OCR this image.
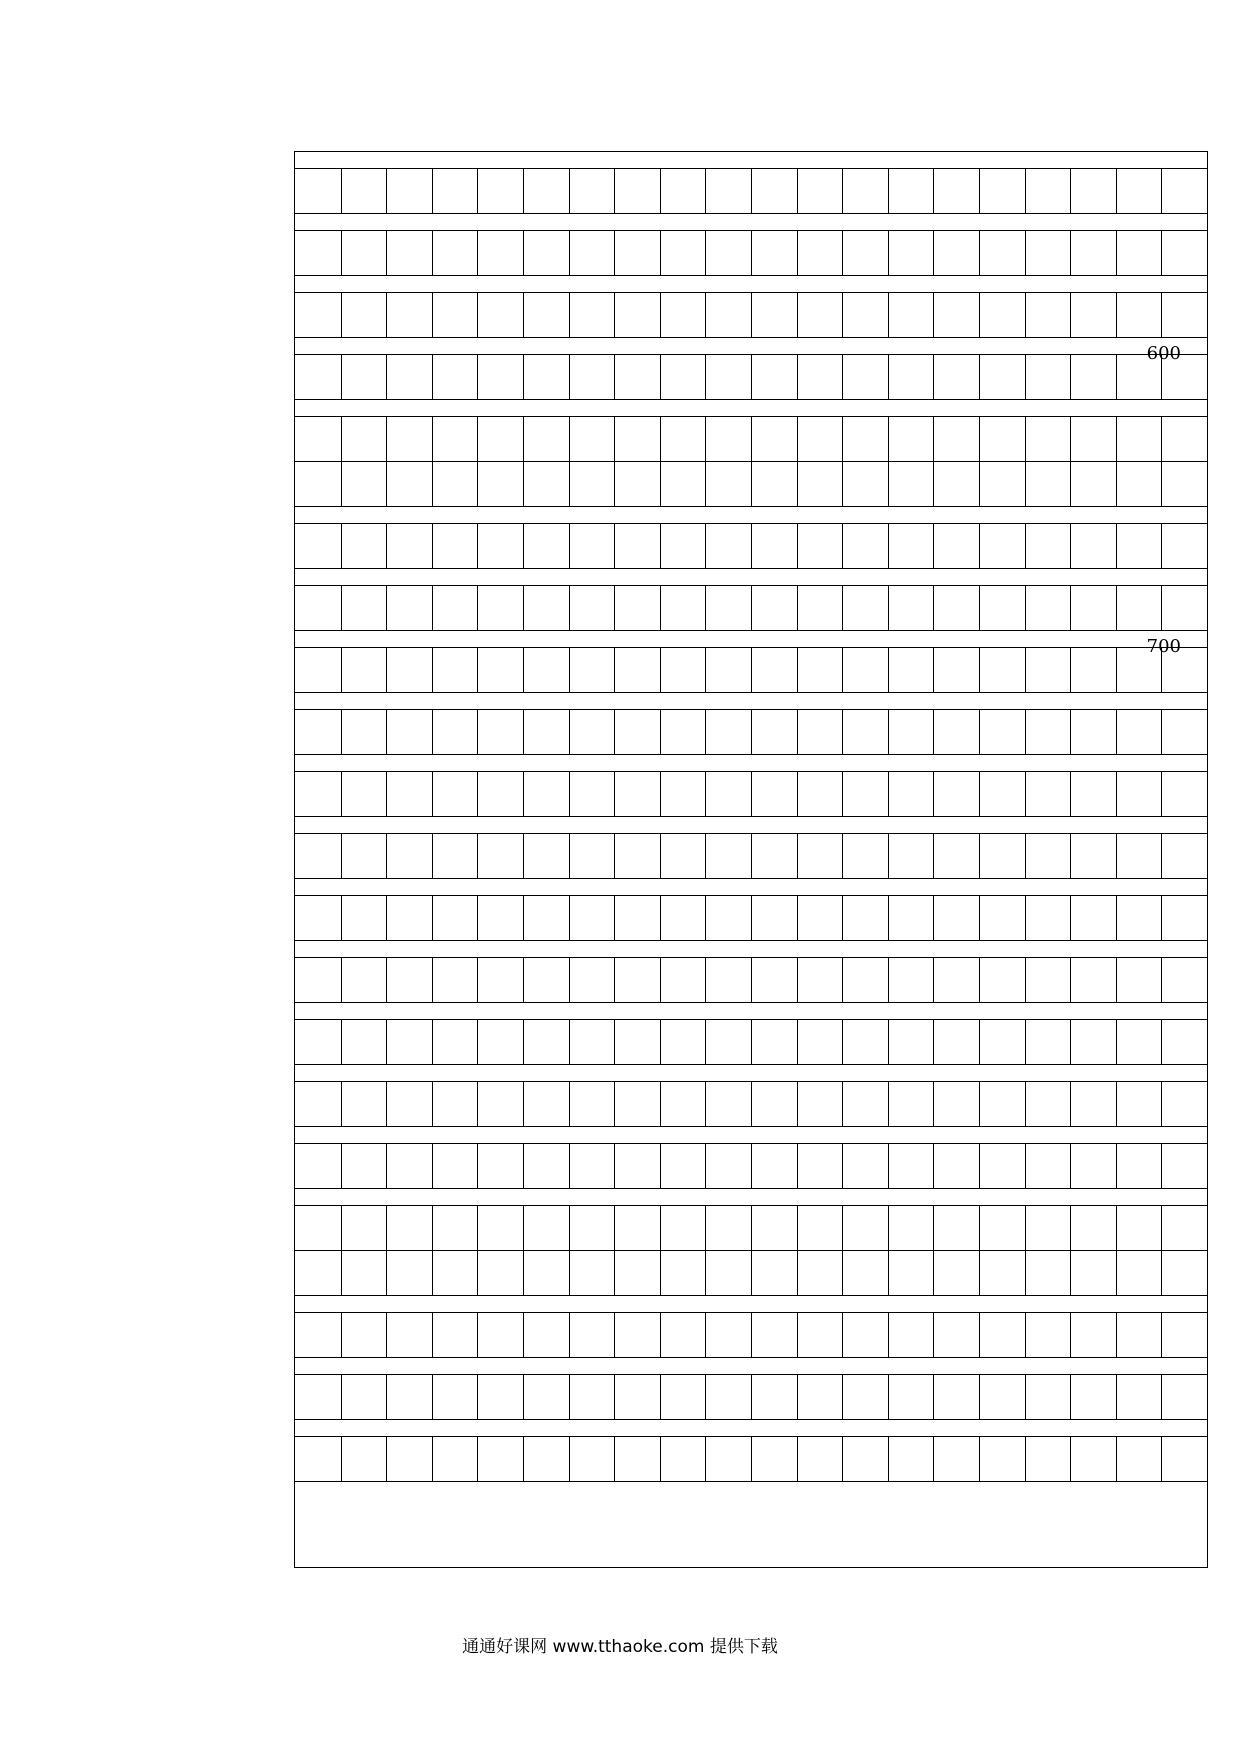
600
700
通通好课网 www.tthaoke.com 提供下载
